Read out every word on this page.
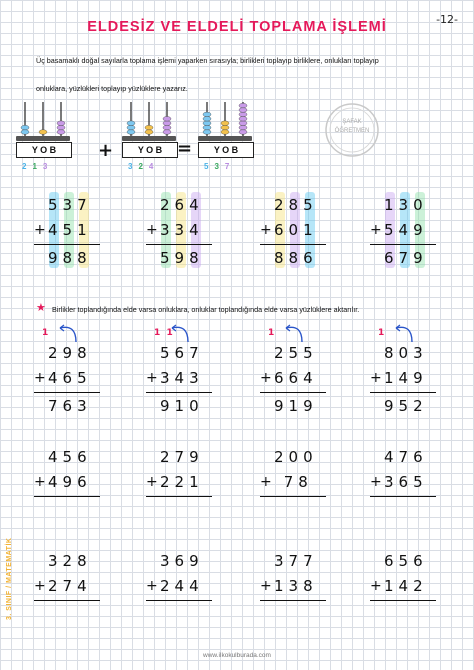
ELDESİZ VE ELDELİ TOPLAMA İŞLEMİ	-12-
Üç basamaklı doğal sayılarla toplama işlemi yaparken sırasıyla; birlikleri toplayıp birliklere, onlukları toplayıp
onluklara, yüzlükleri toplayıp yüzlüklere yazarız.
Y O B	Y O B	Y O B
+	=
213	324	537
ŞAFAK
ÖĞRETMEN
★ Birlikler toplandığında elde varsa onluklara, onluklar toplandığında elde varsa yüzlüklere aktarılır.
537
+ 451
988
264
+ 334
598
285
+ 601
886
130
+ 549
679
1
298
+ 465
763
1  1
567
+ 343
910
1
255
+ 664
919
1
803
+ 149
952
456
+ 496
279
+ 221
200
+ 78
476
+ 365
328
+ 274
369
+ 244
377
+ 138
656
+ 142
3. SINIF / MATEMATİK
www.ilkokulburada.com
